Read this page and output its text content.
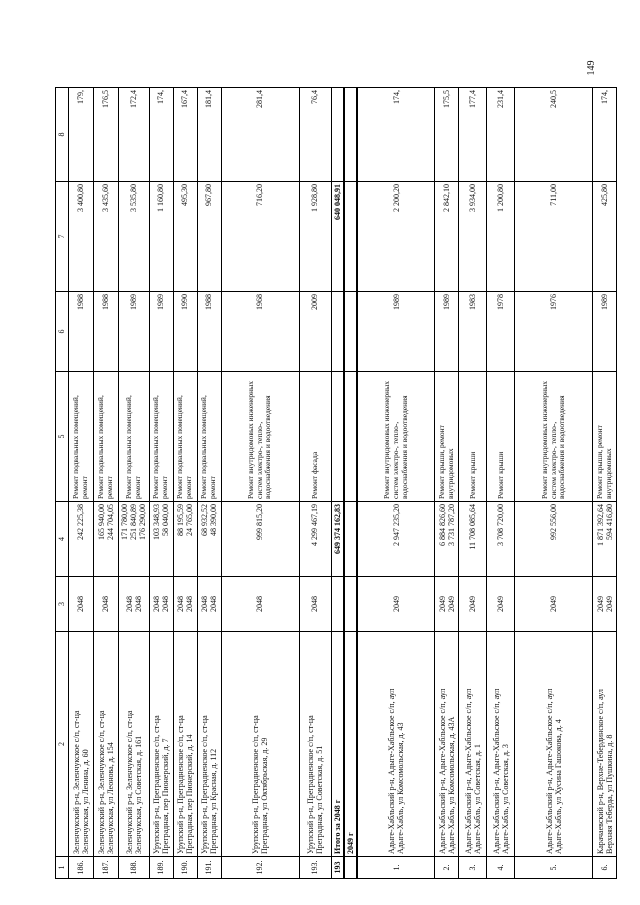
149
1	2	3	4	5	6	7	8
186.	Зеленчукский р-н, Зеленчукское с/п, ст-ца
Зеленчукская, ул Ленина, д. 60	2048	242 225,38	Ремонт подвальных помещений, ремонт	1988	3 400,80	179,
187.	Зеленчукский р-н, Зеленчукское с/п, ст-ца
Зеленчукская, ул Леонова, д. 154	2048	165 940,00
244 704,05	Ремонт подвальных помещений, ремонт	1988	3 435,60	176,5
188.	Зеленчукский р-н, Зеленчукское с/п, ст-ца
Зеленчукская, ул Советская, д. 161	2048
2048	171 780,00
251 840,89
176 290,00	Ремонт подвальных помещений, ремонт	1989	3 535,80	172,4
189.	Урупский р-н, Преградненское с/п, ст-ца
Преградная, пер Пионерский, д. 7	2048
2048	103 348,93
58 040,00	Ремонт подвальных помещений, ремонт	1989	1 160,80	174,
190.	Урупский р-н, Преградненское с/п, ст-ца
Преградная, пер Пионерский, д. 14	2048
2048	88 195,59
24 765,00	Ремонт подвальных помещений, ремонт	1990	495,30	167,4
191.	Урупский р-н, Преградненское с/п, ст-ца
Преградная, ул Красная, д. 112	2048
2048	68 932,52
48 390,00	Ремонт подвальных помещений, ремонт	1988	967,80	181,4
192.	Урупский р-н, Преградненское с/п, ст-ца
Преградная, ул Октябрьская, д. 29	2048	999 815,20	Ремонт внутридомовых инженерных систем электро-, тепло-, водоснабжения и водоотведения	1968	716,20	281,4
193.	Урупский р-н, Преградненское с/п, ст-ца
Преградная, ул Советская, д. 51	2048	4 299 467,19	Ремонт фасада	2009	1 928,80	76,4
193	Итого за 2048 г		649 374 162,83			640 048,91	
	2049 г						
1.	Адыге-Хабльский р-н, Адыге-Хабльское с/п, аул
Адыге-Хабль, ул Комсомольская, д. 43	2049	2 947 235,20	Ремонт внутридомовых инженерных систем электро-, тепло-, водоснабжения и водоотведения	1989	2 200,20	174,
2.	Адыге-Хабльский р-н, Адыге-Хабльское с/п, аул
Адыге-Хабль, ул Комсомольская, д. 43А	2049
2049	6 884 826,60
3 731 787,20	Ремонт крыши, ремонт внутридомовых	1989	2 842,10	175,5
3.	Адыге-Хабльский р-н, Адыге-Хабльское с/п, аул
Адыге-Хабль, ул Советская, д. 1	2049	11 708 085,64	Ремонт крыши	1983	3 934,00	177,4
4.	Адыге-Хабльский р-н, Адыге-Хабльское с/п, аул
Адыге-Хабль, ул Советская, д. 3	2049	3 708 720,00	Ремонт крыши	1978	1 200,80	231,4
5.	Адыге-Хабльский р-н, Адыге-Хабльское с/п, аул
Адыге-Хабль, ул Хусина Гашокова, д. 4	2049	992 556,00	Ремонт внутридомовых инженерных систем электро-, тепло-, водоснабжения и водоотведения	1976	711,00	240,5
6.	Карачаевский р-н, Верхне-Тебердинское с/п, аул
Верхняя Теберда, ул Пушкина, д. 8	2049
2049	1 871 392,64
594 416,80	Ремонт крыши, ремонт внутридомовых	1989	425,80	174,
